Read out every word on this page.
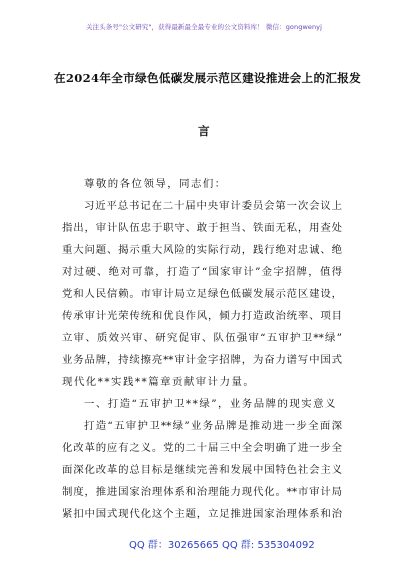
关注头条号"公文研究"，获得最新最全最专业的公文资料库！ 微信：gongwenyj
在2024年全市绿色低碳发展示范区建设推进会上的汇报发
言
尊敬的各位领导，同志们：
习近平总书记在二十届中央审计委员会第一次会议上
指出，审计队伍忠于职守、敢于担当、铁面无私，用查处
重大问题、揭示重大风险的实际行动，践行绝对忠诚、绝
对过硬、绝对可靠，打造了“国家审计”金字招牌，值得
党和人民信赖。市审计局立足绿色低碳发展示范区建设，
传承审计光荣传统和优良作风，倾力打造政治统率、项目
立审、质效兴审、研究促审、队伍强审“五审护卫**绿”
业务品牌，持续擦亮**审计金字招牌，为奋力谱写中国式
现代化**实践**篇章贡献审计力量。
一、打造“五审护卫**绿”，业务品牌的现实意义
打造“五审护卫**绿”业务品牌是推动进一步全面深
化改革的应有之义。党的二十届三中全会明确了进一步全
面深化改革的总目标是继续完善和发展中国特色社会主义
制度，推进国家治理体系和治理能力现代化。**市审计局
紧扣中国式现代化这个主题，立足推进国家治理体系和治
QQ 群：30265665 QQ 群: 535304092
